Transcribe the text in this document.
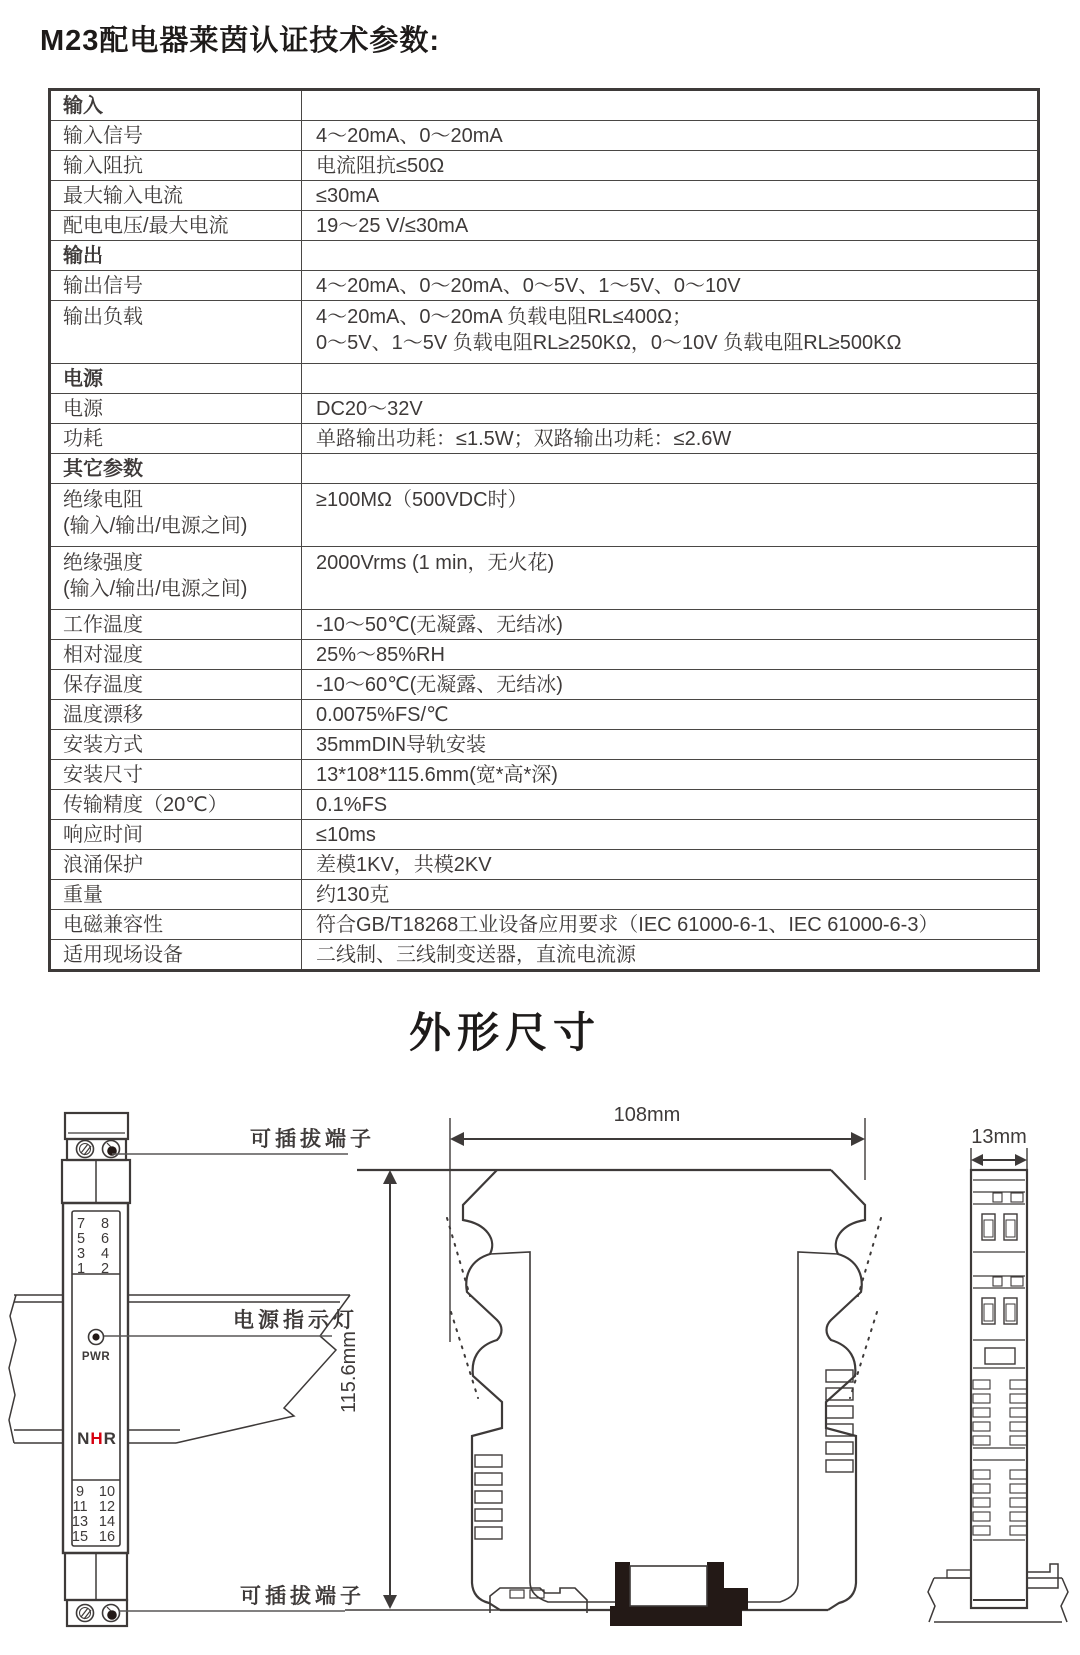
M23配电器莱茵认证技术参数:
输入	
输入信号	4～20mA、0～20mA
输入阻抗	电流阻抗≤50Ω
最大输入电流	≤30mA
配电电压/最大电流	19～25 V/≤30mA
输出	
输出信号	4～20mA、0～20mA、0～5V、1～5V、0～10V
输出负载	4～20mA、0～20mA 负载电阻RL≤400Ω；
0～5V、1～5V 负载电阻RL≥250KΩ，0～10V 负载电阻RL≥500KΩ

电源	
电源	DC20～32V
功耗	单路输出功耗：≤1.5W；双路输出功耗：≤2.6W
其它参数	

绝缘电阻
(输入/输出/电源之间)	≥100MΩ（500VDC时）

绝缘强度
(输入/输出/电源之间)	2000Vrms (1 min，无火花)
工作温度	-10～50℃(无凝露、无结冰)
相对湿度	25%～85%RH
保存温度	-10～60℃(无凝露、无结冰)
温度漂移	0.0075%FS/℃
安装方式	35mmDIN导轨安装
安装尺寸	13*108*115.6mm(宽*高*深)
传输精度（20℃）	0.1%FS
响应时间	≤10ms
浪涌保护	差模1KV，共模2KV
重量	约130克
电磁兼容性	符合GB/T18268工业设备应用要求（IEC 61000-6-1、IEC 61000-6-3）
适用现场设备	二线制、三线制变送器，直流电流源
外形尺寸
7 8
5 6
3 4
1 2
PWR
NHR
9 10
11 12
13 14
15 16
可插拔端子
电源指示灯
可插拔端子
108mm
115.6mm
13mm
